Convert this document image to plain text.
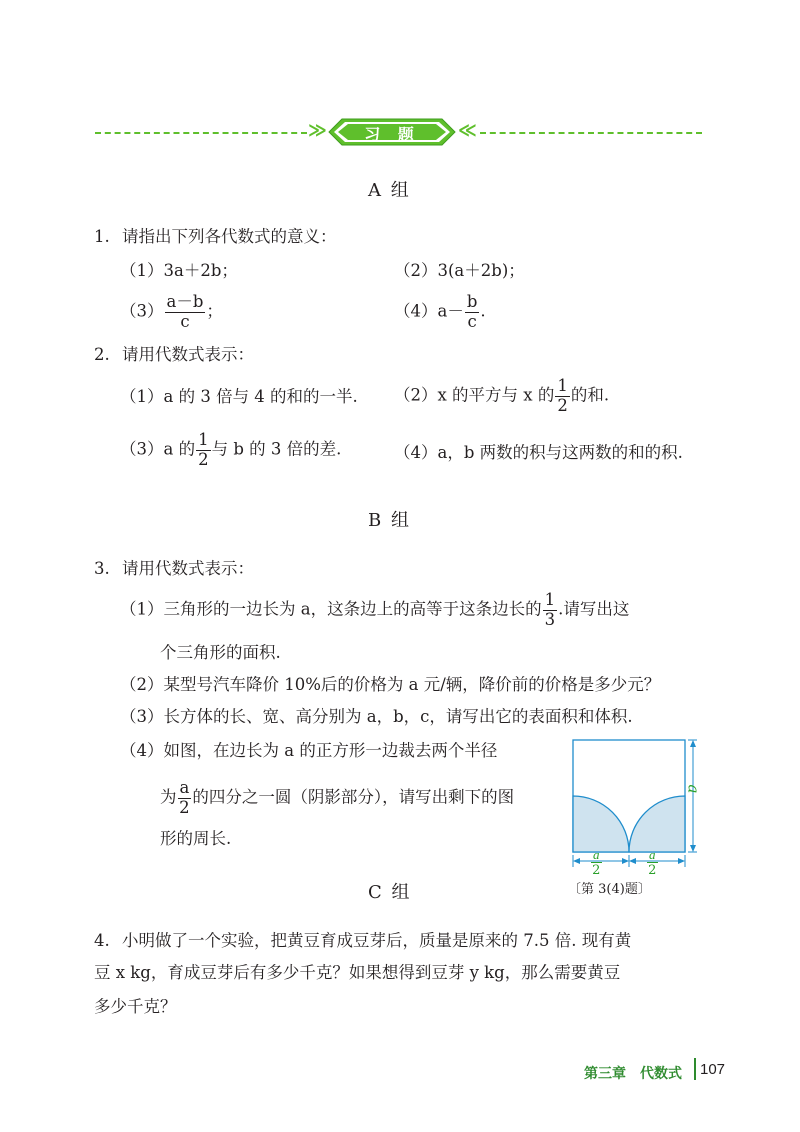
≫	习 题	≪
A 组
1. 请指出下列各代数式的意义：
（1）3a＋2b；	（2）3(a＋2b)；
$(3) \frac{a-b}{c}$ ；	$(4)a- \frac{b}{c}$ .
2. 请用代数式表示：
（1）a 的 3 倍与 4 的和的一半. （2）x 的平方与 x 的 $\frac{1}{2}$ 的和.
（3）a 的 $\frac{1}{2}$ 与 b 的 3 倍的差.	（4）a，b 两数的积与这两数的和的积.
B 组
3. 请用代数式表示：
（1）三角形的一边长为 a，这条边上的高等于这条边长的 $\frac{1}{3}$ .请写出这
个三角形的面积.
（2）某型号汽车降价 10%后的价格为 a 元/辆，降价前的价格是多少元？
（3）长方体的长、宽、高分别为 a，b，c，请写出它的表面积和体积.
（4）如图，在边长为 a 的正方形一边裁去两个半径
为 $\frac{a}{2}$ 的四分之一圆（阴影部分），请写出剩下的图
形的周长.
a
$\frac{a}{2}$	$\frac{a}{2}$
〔第 3(4)题〕
C 组
4. 小明做了一个实验，把黄豆育成豆芽后，质量是原来的 7.5 倍. 现有黄
豆 x kg，育成豆芽后有多少千克？如果想得到豆芽 y kg，那么需要黄豆
多少千克？
第三章　代数式 107
